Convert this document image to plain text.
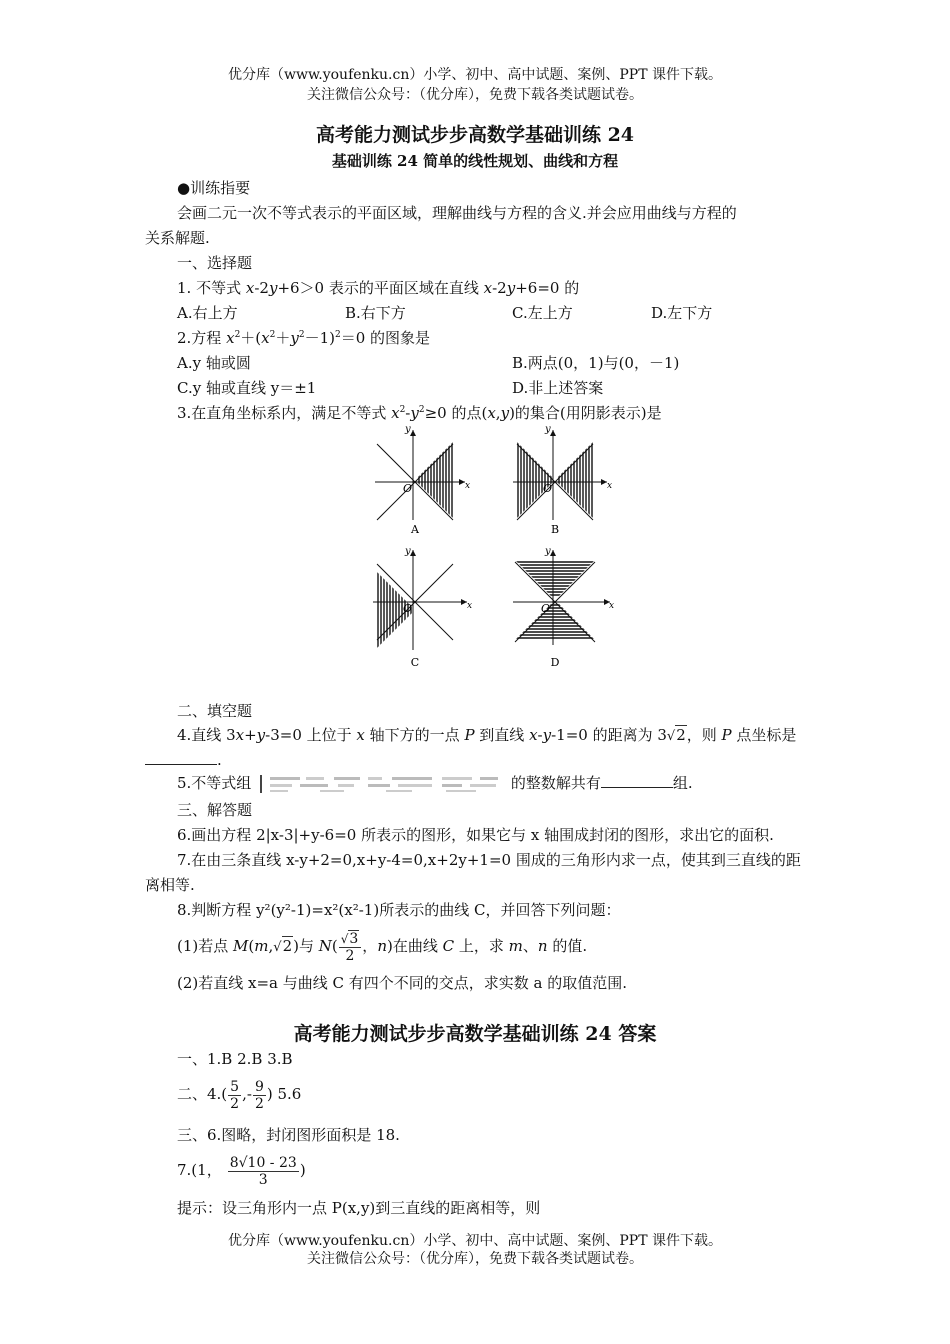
优分库（www.youfenku.cn）小学、初中、高中试题、案例、PPT 课件下载。
关注微信公众号：（优分库），免费下载各类试题试卷。
高考能力测试步步高数学基础训练 24
基础训练 24 简单的线性规划、曲线和方程
●训练指要
会画二元一次不等式表示的平面区域，理解曲线与方程的含义.并会应用曲线与方程的
关系解题.
一、选择题
1. 不等式 x-2y+6＞0 表示的平面区域在直线 x-2y+6=0 的
A.右上方	B.右下方	C.左上方	D.左下方
2.方程 $x^2+(x^2+y^2-1)^2=0$ 的图象是
A.y 轴或圆	B.两点(0，1)与(0，－1)
C.y 轴或直线 y＝±1	D.非上述答案
3.在直角坐标系内，满足不等式 $x^2-y^2\ge 0$ 的点(x,y)的集合(用阴影表示)是
y
x
O
A
y
x
O
B
y
x
O
C
y
x
O
D
二、填空题
4.直线 3x+y-3=0 上位于 x 轴下方的一点 P 到直线 x-y-1=0 的距离为 3√2，则 P 点坐标是
.
5.不等式组	的整数解共有	组.
三、解答题
6.画出方程 2|x-3|+y-6=0 所表示的图形，如果它与 x 轴围成封闭的图形，求出它的面积.
7.在由三条直线 x-y+2=0,x+y-4=0,x+2y+1=0 围成的三角形内求一点，使其到三直线的距
离相等.
8.判断方程 y²(y²-1)=x²(x²-1)所表示的曲线 C，并回答下列问题：
(1)若点 M(m,√2)与 $N( \frac{√3}{2}$ ，n)在曲线 C 上，求 m、n 的值.
(2)若直线 x=a 与曲线 C 有四个不同的交点，求实数 a 的取值范围.
高考能力测试步步高数学基础训练 24 答案
一、1.B 2.B 3.B
二、$4.( \frac{5}{2}$ ,- $\frac{9}{2}$ ) 5.6
三、6.图略，封闭图形面积是 18.
7.(1， $\frac{8√10 - 23}{3}$ )
提示：设三角形内一点 P(x,y)到三直线的距离相等，则
优分库（www.youfenku.cn）小学、初中、高中试题、案例、PPT 课件下载。
关注微信公众号：（优分库），免费下载各类试题试卷。
